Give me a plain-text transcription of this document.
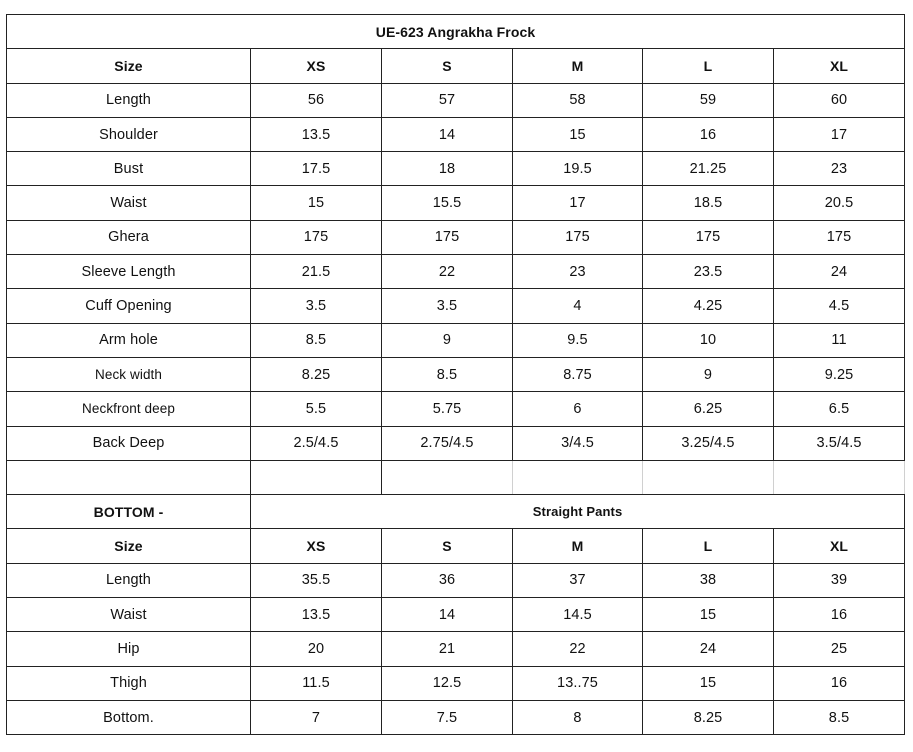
UE-623 Angrakha Frock					
Size	XS	S	M	L	XL
Length	56	57	58	59	60
Shoulder	13.5	14	15	16	17
Bust	17.5	18	19.5	21.25	23
Waist	15	15.5	17	18.5	20.5
Ghera	175	175	175	175	175
Sleeve Length	21.5	22	23	23.5	24
Cuff Opening	3.5	3.5	4	4.25	4.5
Arm hole	8.5	9	9.5	10	11
Neck width	8.25	8.5	8.75	9	9.25
Neckfront deep	5.5	5.75	6	6.25	6.5
Back Deep	2.5/4.5	2.75/4.5	3/4.5	3.25/4.5	3.5/4.5

BOTTOM -	Straight Pants				
Size	XS	S	M	L	XL
Length	35.5	36	37	38	39
Waist	13.5	14	14.5	15	16
Hip	20	21	22	24	25
Thigh	11.5	12.5	13..75	15	16
Bottom.	7	7.5	8	8.25	8.5
